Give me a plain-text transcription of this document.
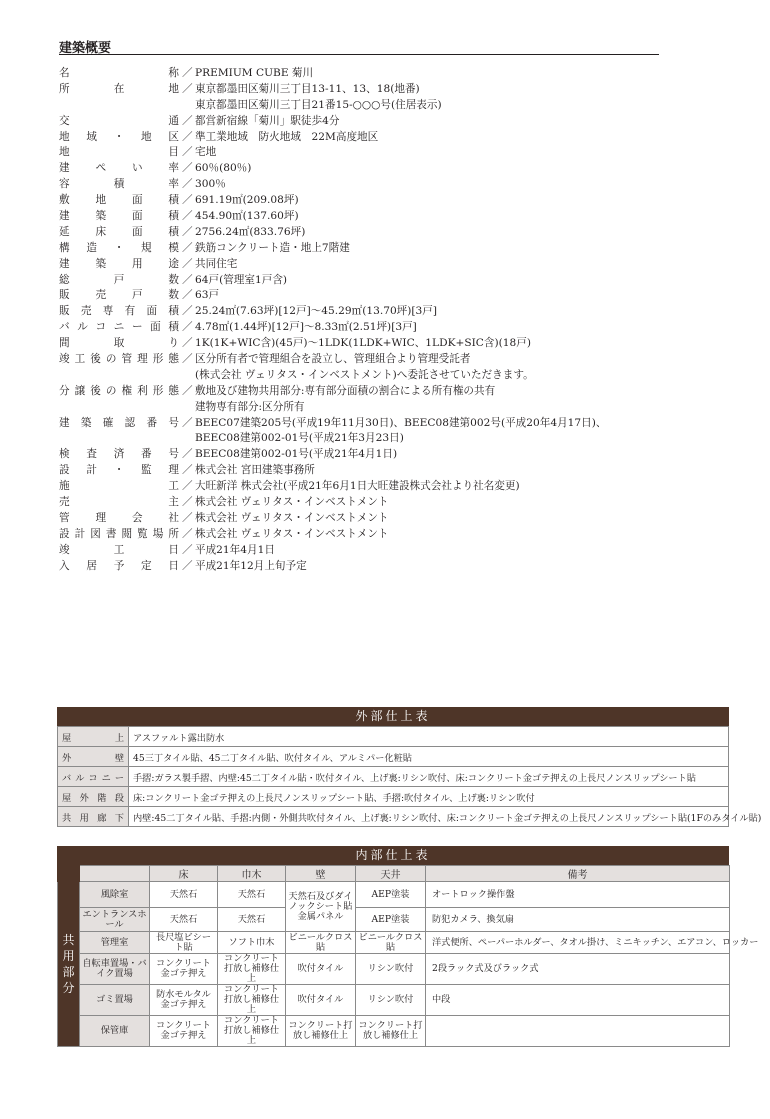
建築概要
名	称 ／ PREMIUM CUBE 菊川
所	在	地 ／ 東京都墨田区菊川三丁目13-11、13、18(地番)
東京都墨田区菊川三丁目21番15-○○○号(住居表示)
交	通 ／ 都営新宿線「菊川」駅徒歩4分
地 域 ・ 地 区 ／ 準工業地域　防火地域　22M高度地区
地	目 ／ 宅地
建 ぺ い 率 ／ 60％(80％)
容	積	率 ／ 300％
敷 地 面 積 ／ 691.19㎡(209.08坪)
建 築 面 積 ／ 454.90㎡(137.60坪)
延 床 面 積 ／ 2756.24㎡(833.76坪)
構 造 ・ 規 模 ／ 鉄筋コンクリート造・地上7階建
建 築 用 途 ／ 共同住宅
総	戸	数 ／ 64戸(管理室1戸含)
販 売 戸 数 ／ 63戸
販 売 専 有 面 積 ／ 25.24㎡(7.63坪)[12戸]〜45.29㎡(13.70坪)[3戸]
バ ル コ ニ ー 面 積 ／ 4.78㎡(1.44坪)[12戸]〜8.33㎡(2.51坪)[3戸]
間	取	り ／ 1K(1K+WIC含)(45戸)〜1LDK(1LDK+WIC、1LDK+SIC含)(18戸)
竣 工 後 の 管 理 形 態 ／ 区分所有者で管理組合を設立し、管理組合より管理受託者
(株式会社 ヴェリタス・インベストメント)へ委託させていただきます。
分 譲 後 の 権 利 形 態 ／ 敷地及び建物共用部分:専有部分面積の割合による所有権の共有
建物専有部分:区分所有
建 築 確 認 番 号 ／ BEEC07建築205号(平成19年11月30日)、BEEC08建第002号(平成20年4月17日)、
BEEC08建第002-01号(平成21年3月23日)
検 査 済 番 号 ／ BEEC08建第002-01号(平成21年4月1日)
設 計 ・ 監 理 ／ 株式会社 宮田建築事務所
施	工 ／ 大旺新洋 株式会社(平成21年6月1日大旺建設株式会社より社名変更)
売	主 ／ 株式会社 ヴェリタス・インベストメント
管 理 会 社 ／ 株式会社 ヴェリタス・インベストメント
設 計 図 書 閲 覧 場 所 ／ 株式会社 ヴェリタス・インベストメント
竣	工	日 ／ 平成21年4月1日
入 居 予 定 日 ／ 平成21年12月上旬予定
外部仕上表
屋 上	アスファルト露出防水

外 壁	45三丁タイル貼、45二丁タイル貼、吹付タイル、アルミパー化粧貼

バ ル コ ニ ー	手摺:ガラス製手摺、内壁:45二丁タイル貼・吹付タイル、上げ裏:リシン吹付、床:コンクリート金ゴテ押えの上長尺ノンスリップシート貼

屋 外 階 段	床:コンクリート金ゴテ押えの上長尺ノンスリップシート貼、手摺:吹付タイル、上げ裏:リシン吹付

共 用 廊 下	内壁:45二丁タイル貼、手摺:内側・外側共吹付タイル、上げ裏:リシン吹付、床:コンクリート金ゴテ押えの上長尺ノンスリップシート貼(1Fのみタイル貼)
内部仕上表
		床	巾木	壁	天井	備考

共
用
部
分	風除室	天然石	天然石	天然石及びダイノックシート貼金属パネル	AEP塗装	オートロック操作盤
	エントランスホール	天然石	天然石		AEP塗装	防犯カメラ、換気扇
	管理室	長尺塩ビシート貼	ソフト巾木	ビニールクロス貼	ビニールクロス貼	洋式便所、ペーパーホルダー、タオル掛け、ミニキッチン、エアコン、ロッカー
	自転車置場・バイク置場	コンクリート金ゴテ押え	コンクリート打放し補修仕上	吹付タイル	リシン吹付	2段ラック式及びラック式
	ゴミ置場	防水モルタル金ゴテ押え	コンクリート打放し補修仕上	吹付タイル	リシン吹付	中段
	保管庫	コンクリート金ゴテ押え	コンクリート打放し補修仕上	コンクリート打放し補修仕上	コンクリート打放し補修仕上	
